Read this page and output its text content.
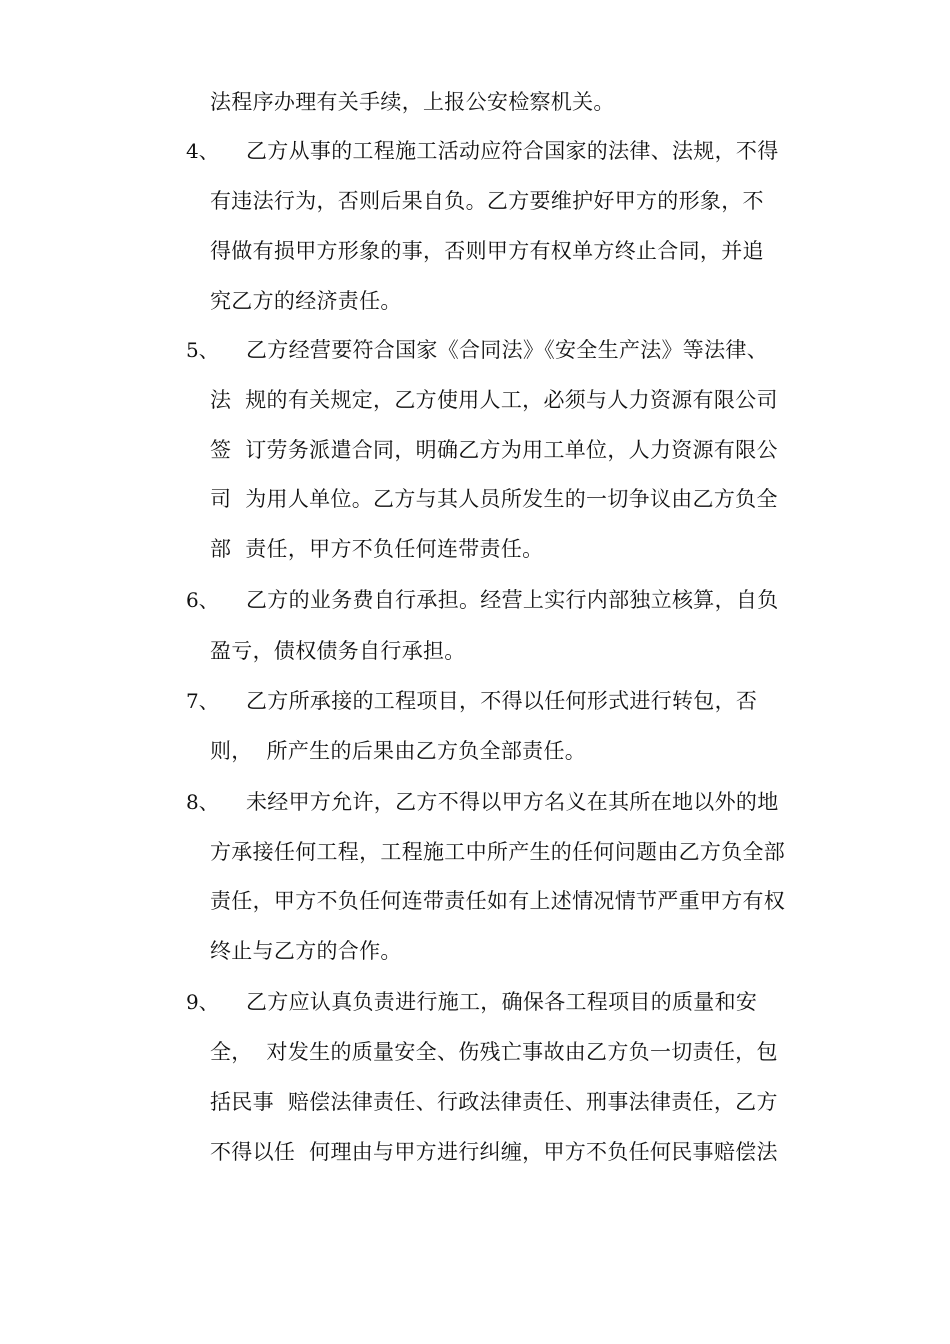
法程序办理有关手续，上报公安检察机关。
4、 乙方从事的工程施工活动应符合国家的法律、法规，不得
有违法行为，否则后果自负。乙方要维护好甲方的形象，不
得做有损甲方形象的事，否则甲方有权单方终止合同，并追
究乙方的经济责任。
5、 乙方经营要符合国家《合同法》《安全生产法》等法律、
法  规的有关规定，乙方使用人工，必须与人力资源有限公司
签  订劳务派遣合同，明确乙方为用工单位，人力资源有限公
司  为用人单位。乙方与其人员所发生的一切争议由乙方负全
部  责任，甲方不负任何连带责任。
6、 乙方的业务费自行承担。经营上实行内部独立核算，自负
盈亏，债权债务自行承担。
7、 乙方所承接的工程项目，不得以任何形式进行转包，否
则，  所产生的后果由乙方负全部责任。
8、 未经甲方允许，乙方不得以甲方名义在其所在地以外的地
方承接任何工程，工程施工中所产生的任何问题由乙方负全部
责任，甲方不负任何连带责任如有上述情况情节严重甲方有权
终止与乙方的合作。
9、 乙方应认真负责进行施工，确保各工程项目的质量和安
全，  对发生的质量安全、伤残亡事故由乙方负一切责任，包
括民事  赔偿法律责任、行政法律责任、刑事法律责任，乙方
不得以任  何理由与甲方进行纠缠，甲方不负任何民事赔偿法
